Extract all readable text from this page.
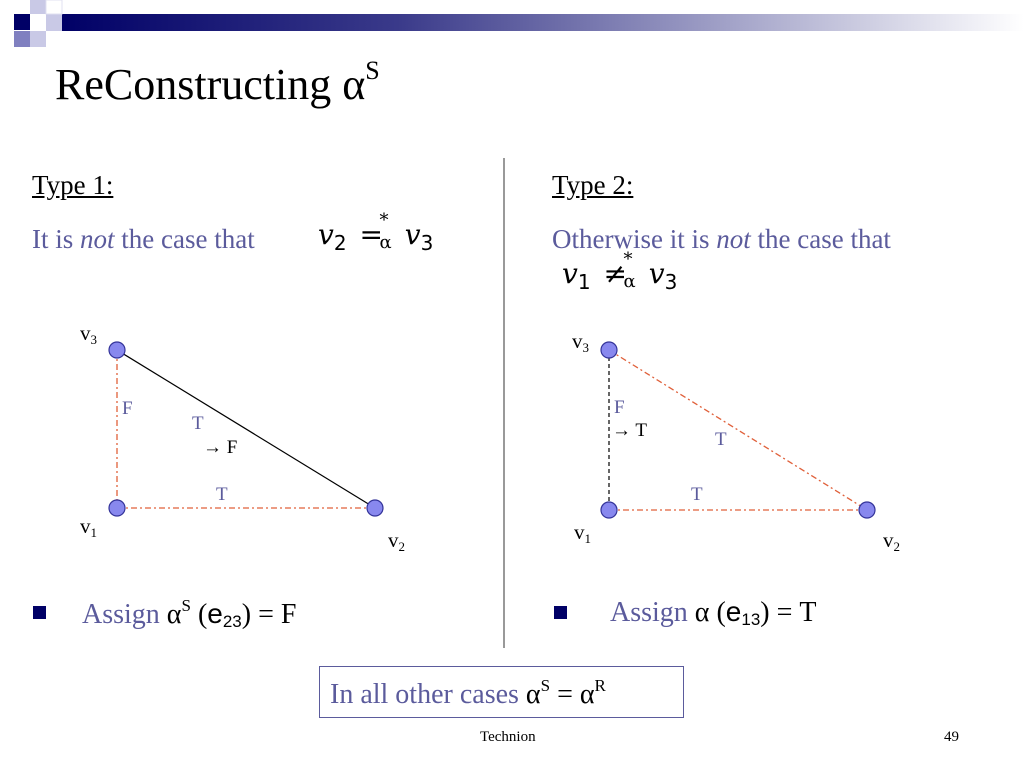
ReConstructing $\alpha^S$
Type 1:
It is not the case that $v_2$ =
*
α $v_3$
v3
v1	v2
F
T
→ F
T
Assign $\alpha^S$ $(e_{23}) = F$
Type 2:
Otherwise it is not the case that
$v_1$ ≠
*
α $v_3$
v3
v1	v2
F
→ T	T
T
Assign α $(e_{13}) = T$
In all other cases $\alpha^S = \alpha^R$
Technion	49
